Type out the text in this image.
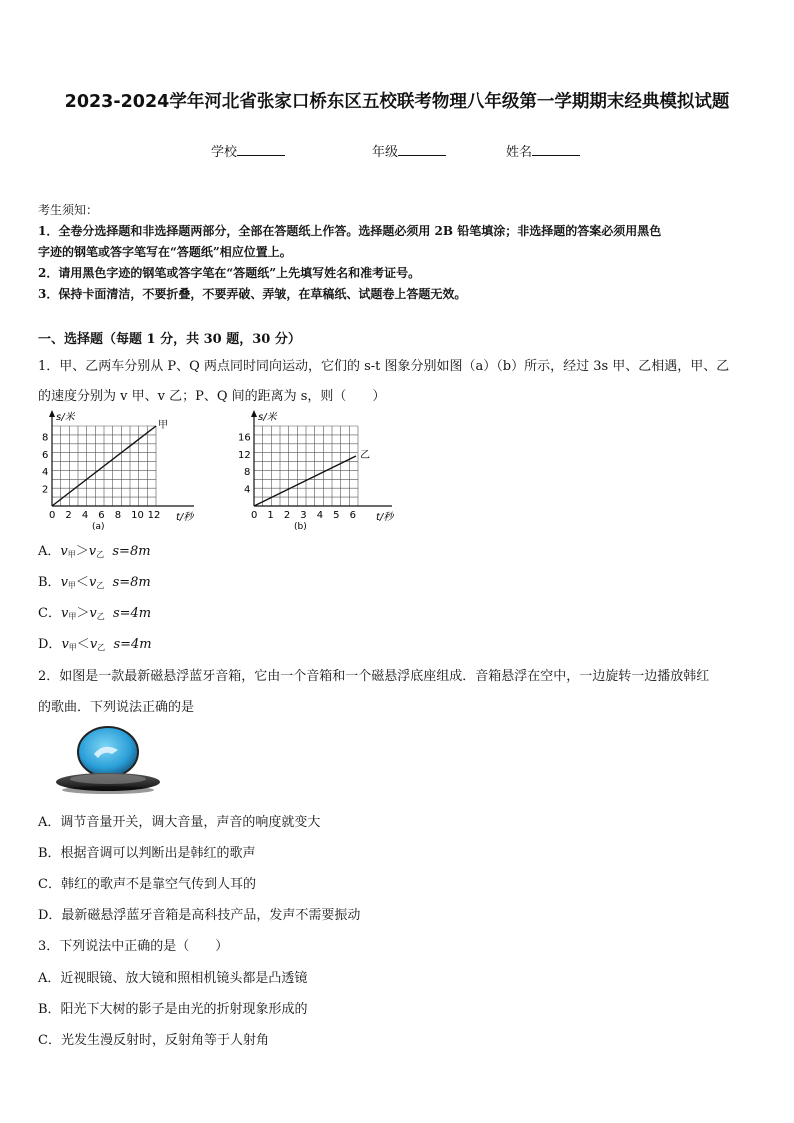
2023-2024学年河北省张家口桥东区五校联考物理八年级第一学期期末经典模拟试题
学校	年级	姓名
考生须知：
1．全卷分选择题和非选择题两部分，全部在答题纸上作答。选择题必须用 2B 铅笔填涂；非选择题的答案必须用黑色
字迹的钢笔或答字笔写在“答题纸”相应位置上。
2．请用黑色字迹的钢笔或答字笔在“答题纸”上先填写姓名和准考证号。
3．保持卡面清洁，不要折叠，不要弄破、弄皱，在草稿纸、试题卷上答题无效。
一、选择题（每题 1 分，共 30 题，30 分）
1．甲、乙两车分别从 P、Q 两点同时同向运动，它们的 s-t 图象分别如图（a）（b）所示，经过 3s 甲、乙相遇，甲、乙
的速度分别为 v 甲、v 乙；P、Q 间的距离为 s，则（　　）
s/米
甲
2
4
6
8
0 2 4 6 8 10 12 t/秒
(a)
s/米
乙
4
8
12
16
0 1 2 3 4 5 6 t/秒
(b)
A．$v_甲>v_乙$ s=8m
B．$v_甲<v_乙$ s=8m
C．$v_甲>v_乙$ s=4m
D．$v_甲<v_乙$ s=4m
2．如图是一款最新磁悬浮蓝牙音箱，它由一个音箱和一个磁悬浮底座组成．音箱悬浮在空中，一边旋转一边播放韩红
的歌曲．下列说法正确的是
A．调节音量开关，调大音量，声音的响度就变大
B．根据音调可以判断出是韩红的歌声
C．韩红的歌声不是靠空气传到人耳的
D．最新磁悬浮蓝牙音箱是高科技产品，发声不需要振动
3．下列说法中正确的是（　　）
A．近视眼镜、放大镜和照相机镜头都是凸透镜
B．阳光下大树的影子是由光的折射现象形成的
C．光发生漫反射时，反射角等于人射角
